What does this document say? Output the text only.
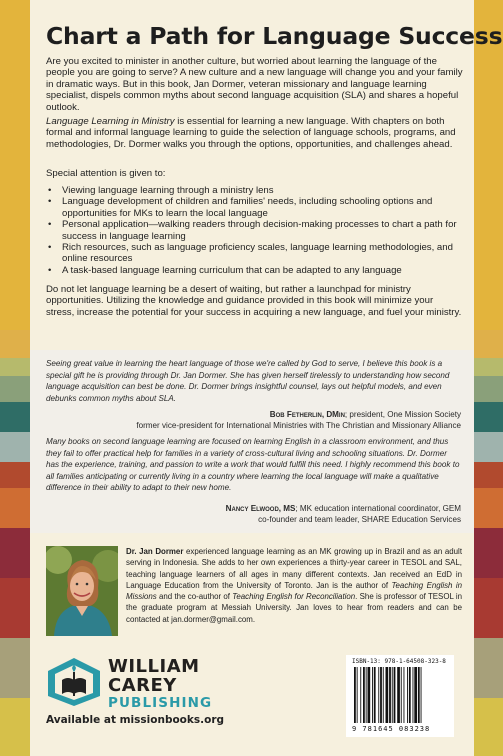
Chart a Path for Language Success

Are you excited to minister in another culture, but worried about learning the language of the people you are going to serve? A new culture and a new language will change you and your family in dramatic ways. But in this book, Jan Dormer, veteran missionary and language learning specialist, dispels common myths about second language acquisition (SLA) and shares a hopeful outlook.

Language Learning in Ministry is essential for learning a new language. With chapters on both formal and informal language learning to guide the selection of language schools, programs, and methodologies, Dr. Dormer walks you through the options, opportunities, and challenges ahead.

Special attention is given to:

• Viewing language learning through a ministry lens
• Language development of children and families' needs, including schooling options and opportunities for MKs to learn the local language
• Personal application—walking readers through decision-making processes to chart a path for success in language learning
• Rich resources, such as language proficiency scales, language learning methodologies, and online resources
• A task-based language learning curriculum that can be adapted to any language

Do not let language learning be a desert of waiting, but rather a launchpad for ministry opportunities. Utilizing the knowledge and guidance provided in this book will minimize your stress, increase the potential for your success in acquiring a new language, and fuel your ministry.

Seeing great value in learning the heart language of those we're called by God to serve, I believe this book is a special gift he is providing through Dr. Jan Dormer. She has given herself tirelessly to understanding how second language acquisition can best be done. Dr. Dormer brings insightful counsel, lays out helpful models, and even debunks common myths about SLA.

Bob Fetherlin, DMin; president, One Mission Society

former vice-president for International Ministries with The Christian and Missionary Alliance

Many books on second language learning are focused on learning English in a classroom environment, and thus they fail to offer practical help for families in a variety of cross-cultural living and schooling situations. Dr. Dormer has the experience, training, and passion to write a work that would fulfill this need. I highly recommend this book to all families anticipating or currently living in a country where learning the local language will make a qualitative difference in their ability to adapt to their new home.

Nancy Elwood, MS; MK education international coordinator, GEM

co-founder and team leader, SHARE Education Services

Dr. Jan Dormer experienced language learning as an MK growing up in Brazil and as an adult serving in Indonesia. She adds to her own experiences a thirty-year career in TESOL and SAL, teaching language learners of all ages in many different contexts. Jan received an EdD in Language Education from the University of Toronto. Jan is the author of Teaching English in Missions and the co-author of Teaching English for Reconciliation. She is professor of TESOL in the graduate program at Messiah University. Jan loves to hear from readers and can be contacted at jan.dormer@gmail.com.

WILLIAM
CAREY
PUBLISHING
Available at missionbooks.org
ISBN-13: 978-1-64508-323-8
9 781645 083238
